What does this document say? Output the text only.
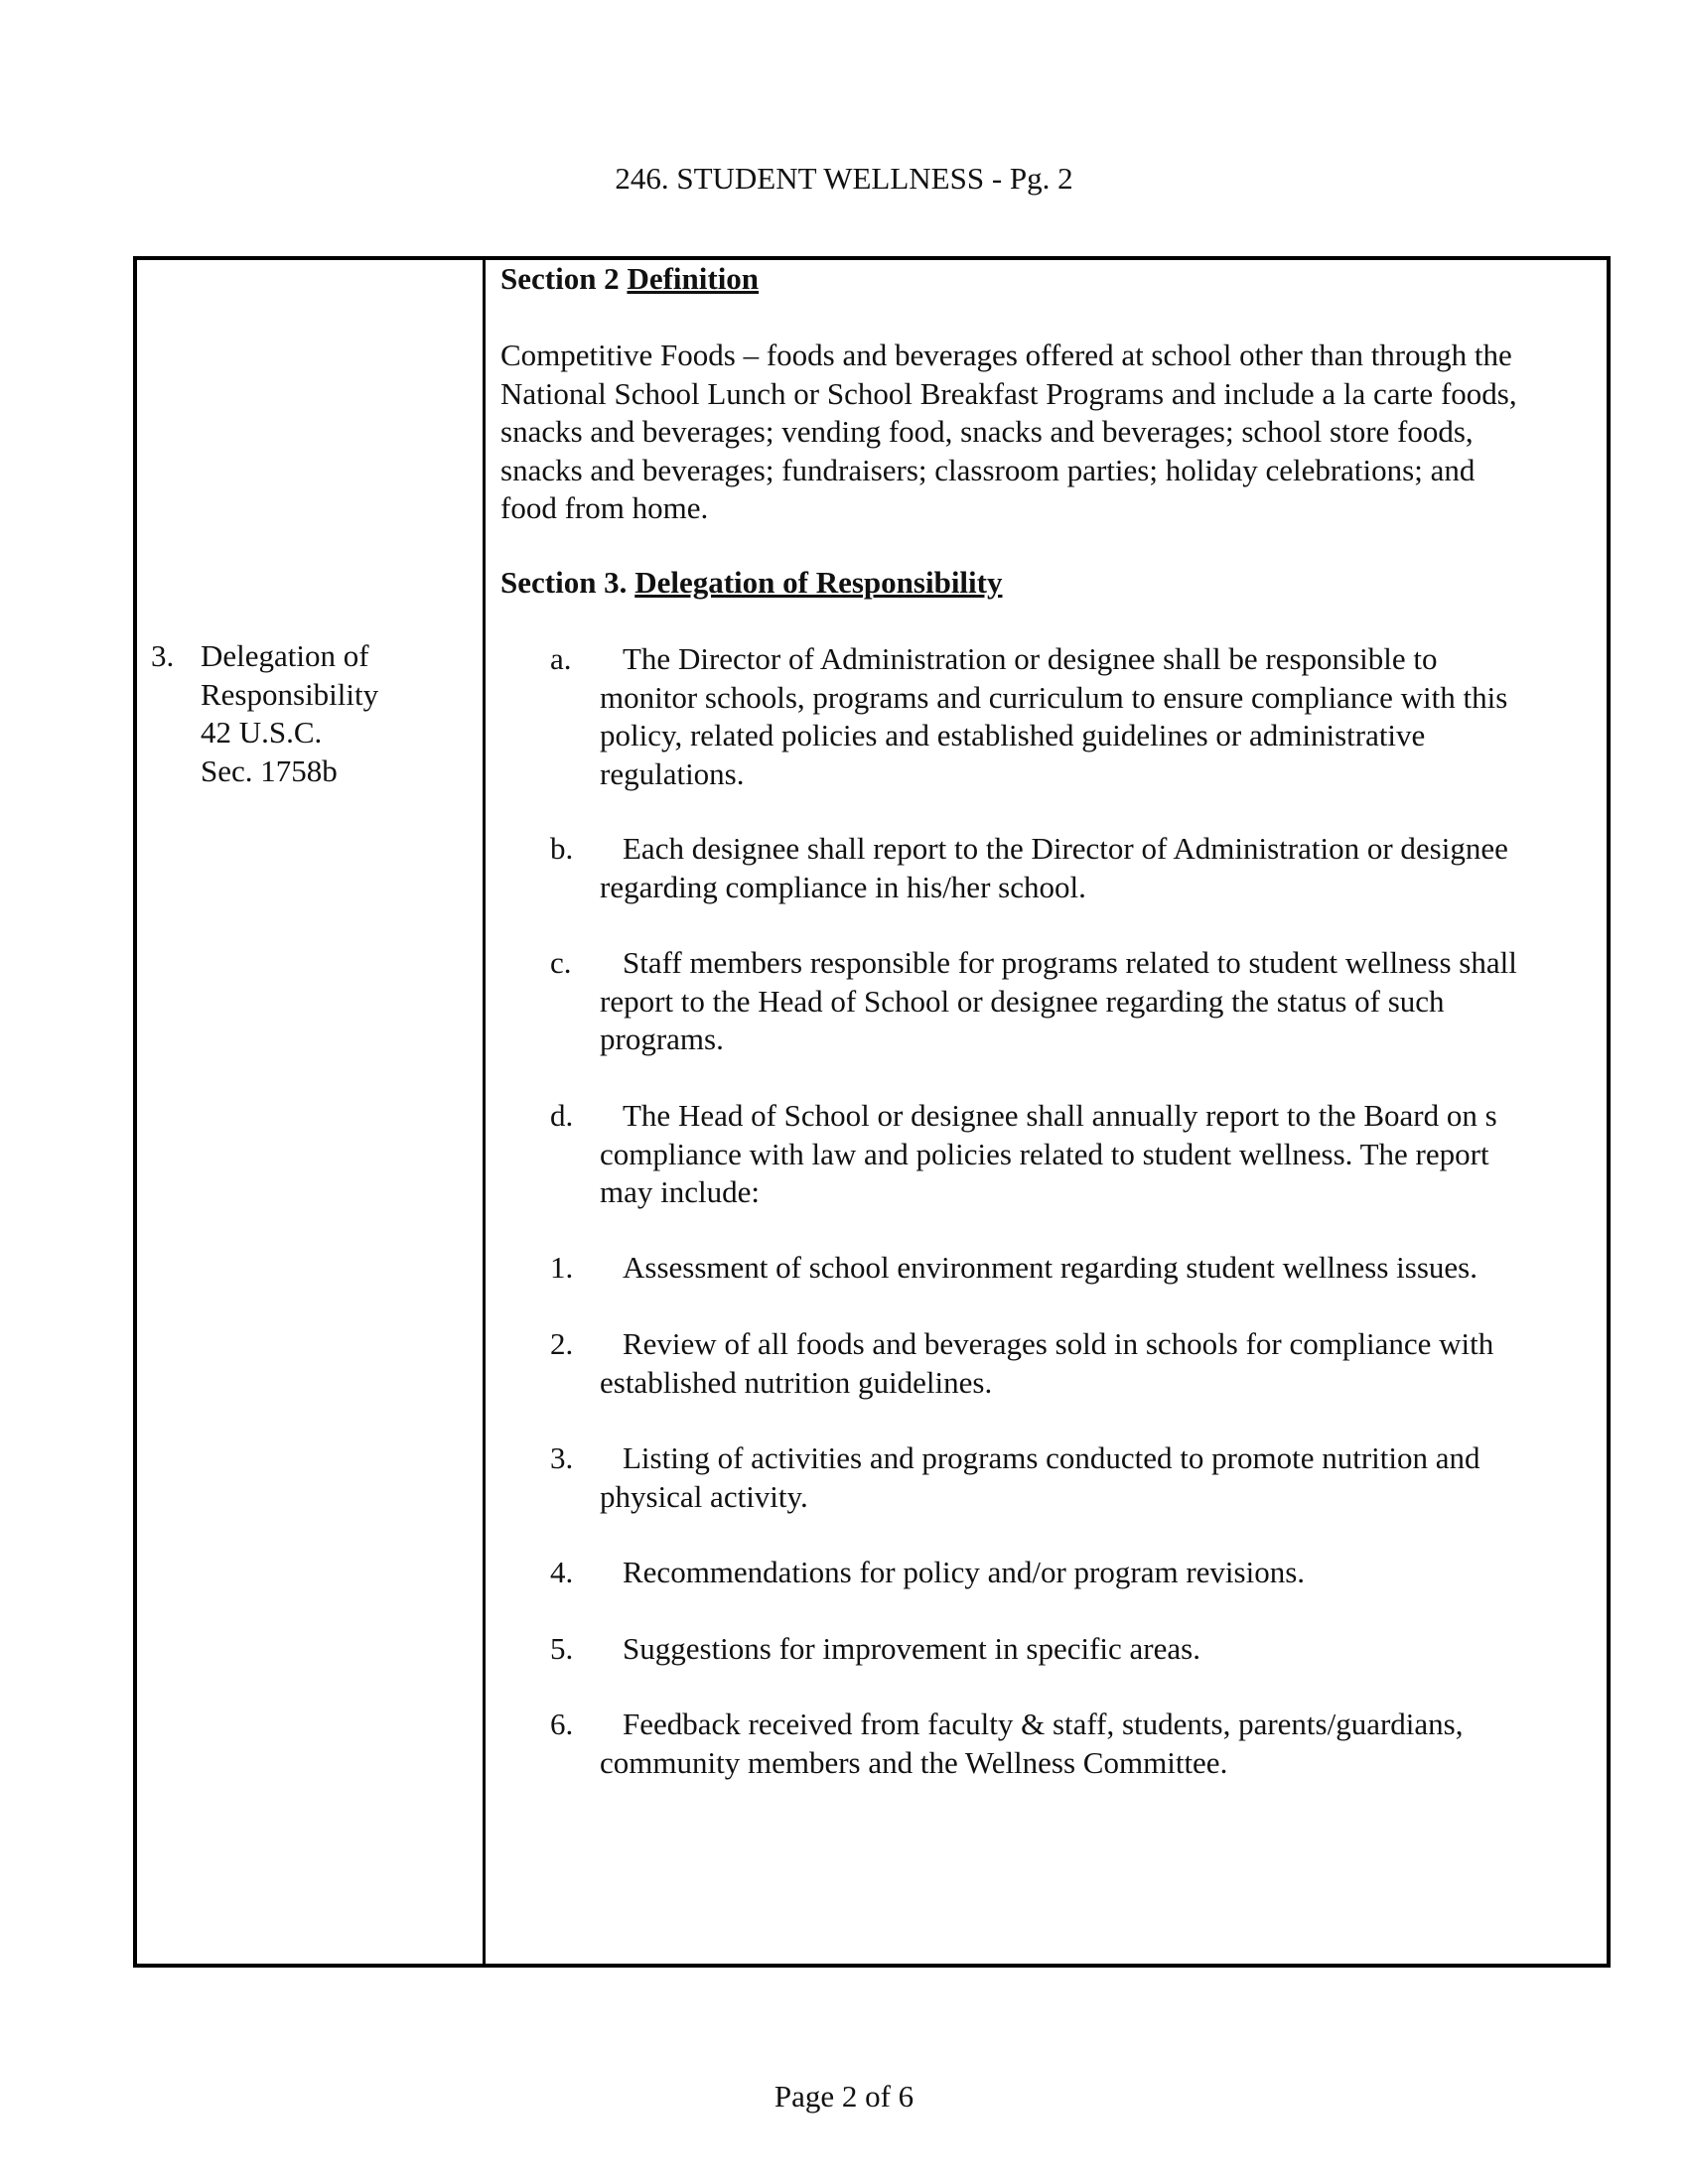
246. STUDENT WELLNESS - Pg. 2
3. Delegation of
Responsibility
42 U.S.C.
Sec. 1758b
Section 2 Definition
Competitive Foods – foods and beverages offered at school other than through the
National School Lunch or School Breakfast Programs and include a la carte foods,
snacks and beverages; vending food, snacks and beverages; school store foods,
snacks and beverages; fundraisers; classroom parties; holiday celebrations; and
food from home.
Section 3. Delegation of Responsibility
a.	The Director of Administration or designee shall be responsible to
monitor schools, programs and curriculum to ensure compliance with this
policy, related policies and established guidelines or administrative
regulations.
b.	Each designee shall report to the Director of Administration or designee
regarding compliance in his/her school.
c.	Staff members responsible for programs related to student wellness shall
report to the Head of School or designee regarding the status of such
programs.
d.	The Head of School or designee shall annually report to the Board on s
compliance with law and policies related to student wellness. The report
may include:
1.	Assessment of school environment regarding student wellness issues.
2.	Review of all foods and beverages sold in schools for compliance with
established nutrition guidelines.
3.	Listing of activities and programs conducted to promote nutrition and
physical activity.
4.	Recommendations for policy and/or program revisions.
5.	Suggestions for improvement in specific areas.
6.	Feedback received from faculty & staff, students, parents/guardians,
community members and the Wellness Committee.
Page 2 of 6
